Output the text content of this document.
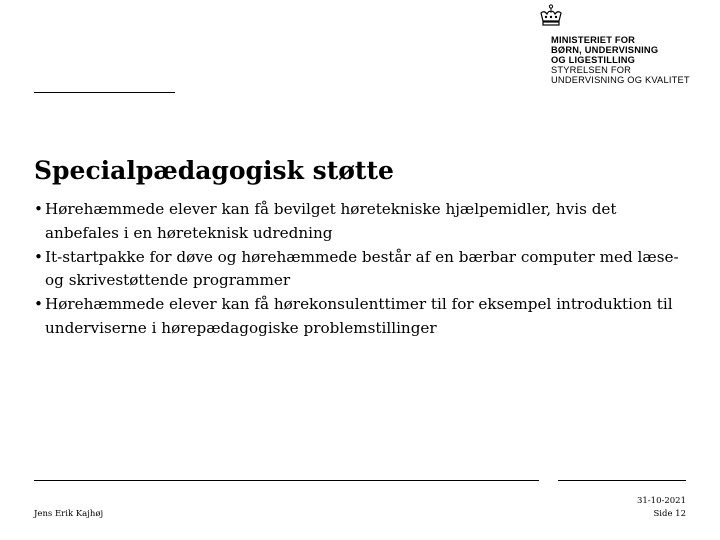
MINISTERIET FOR
BØRN, UNDERVISNING
OG LIGESTILLING
STYRELSEN FOR
UNDERVISNING OG KVALITET
Specialpædagogisk støtte
• Hørehæmmede elever kan få bevilget høretekniske hjælpemidler, hvis det anbefales i en høreteknisk udredning
• It-startpakke for døve og hørehæmmede består af en bærbar computer med læse- og skrivestøttende programmer
• Hørehæmmede elever kan få hørekonsulenttimer til for eksempel introduktion til underviserne i hørepædagogiske problemstillinger
Jens Erik Kajhøj
31-10-2021
Side 12
